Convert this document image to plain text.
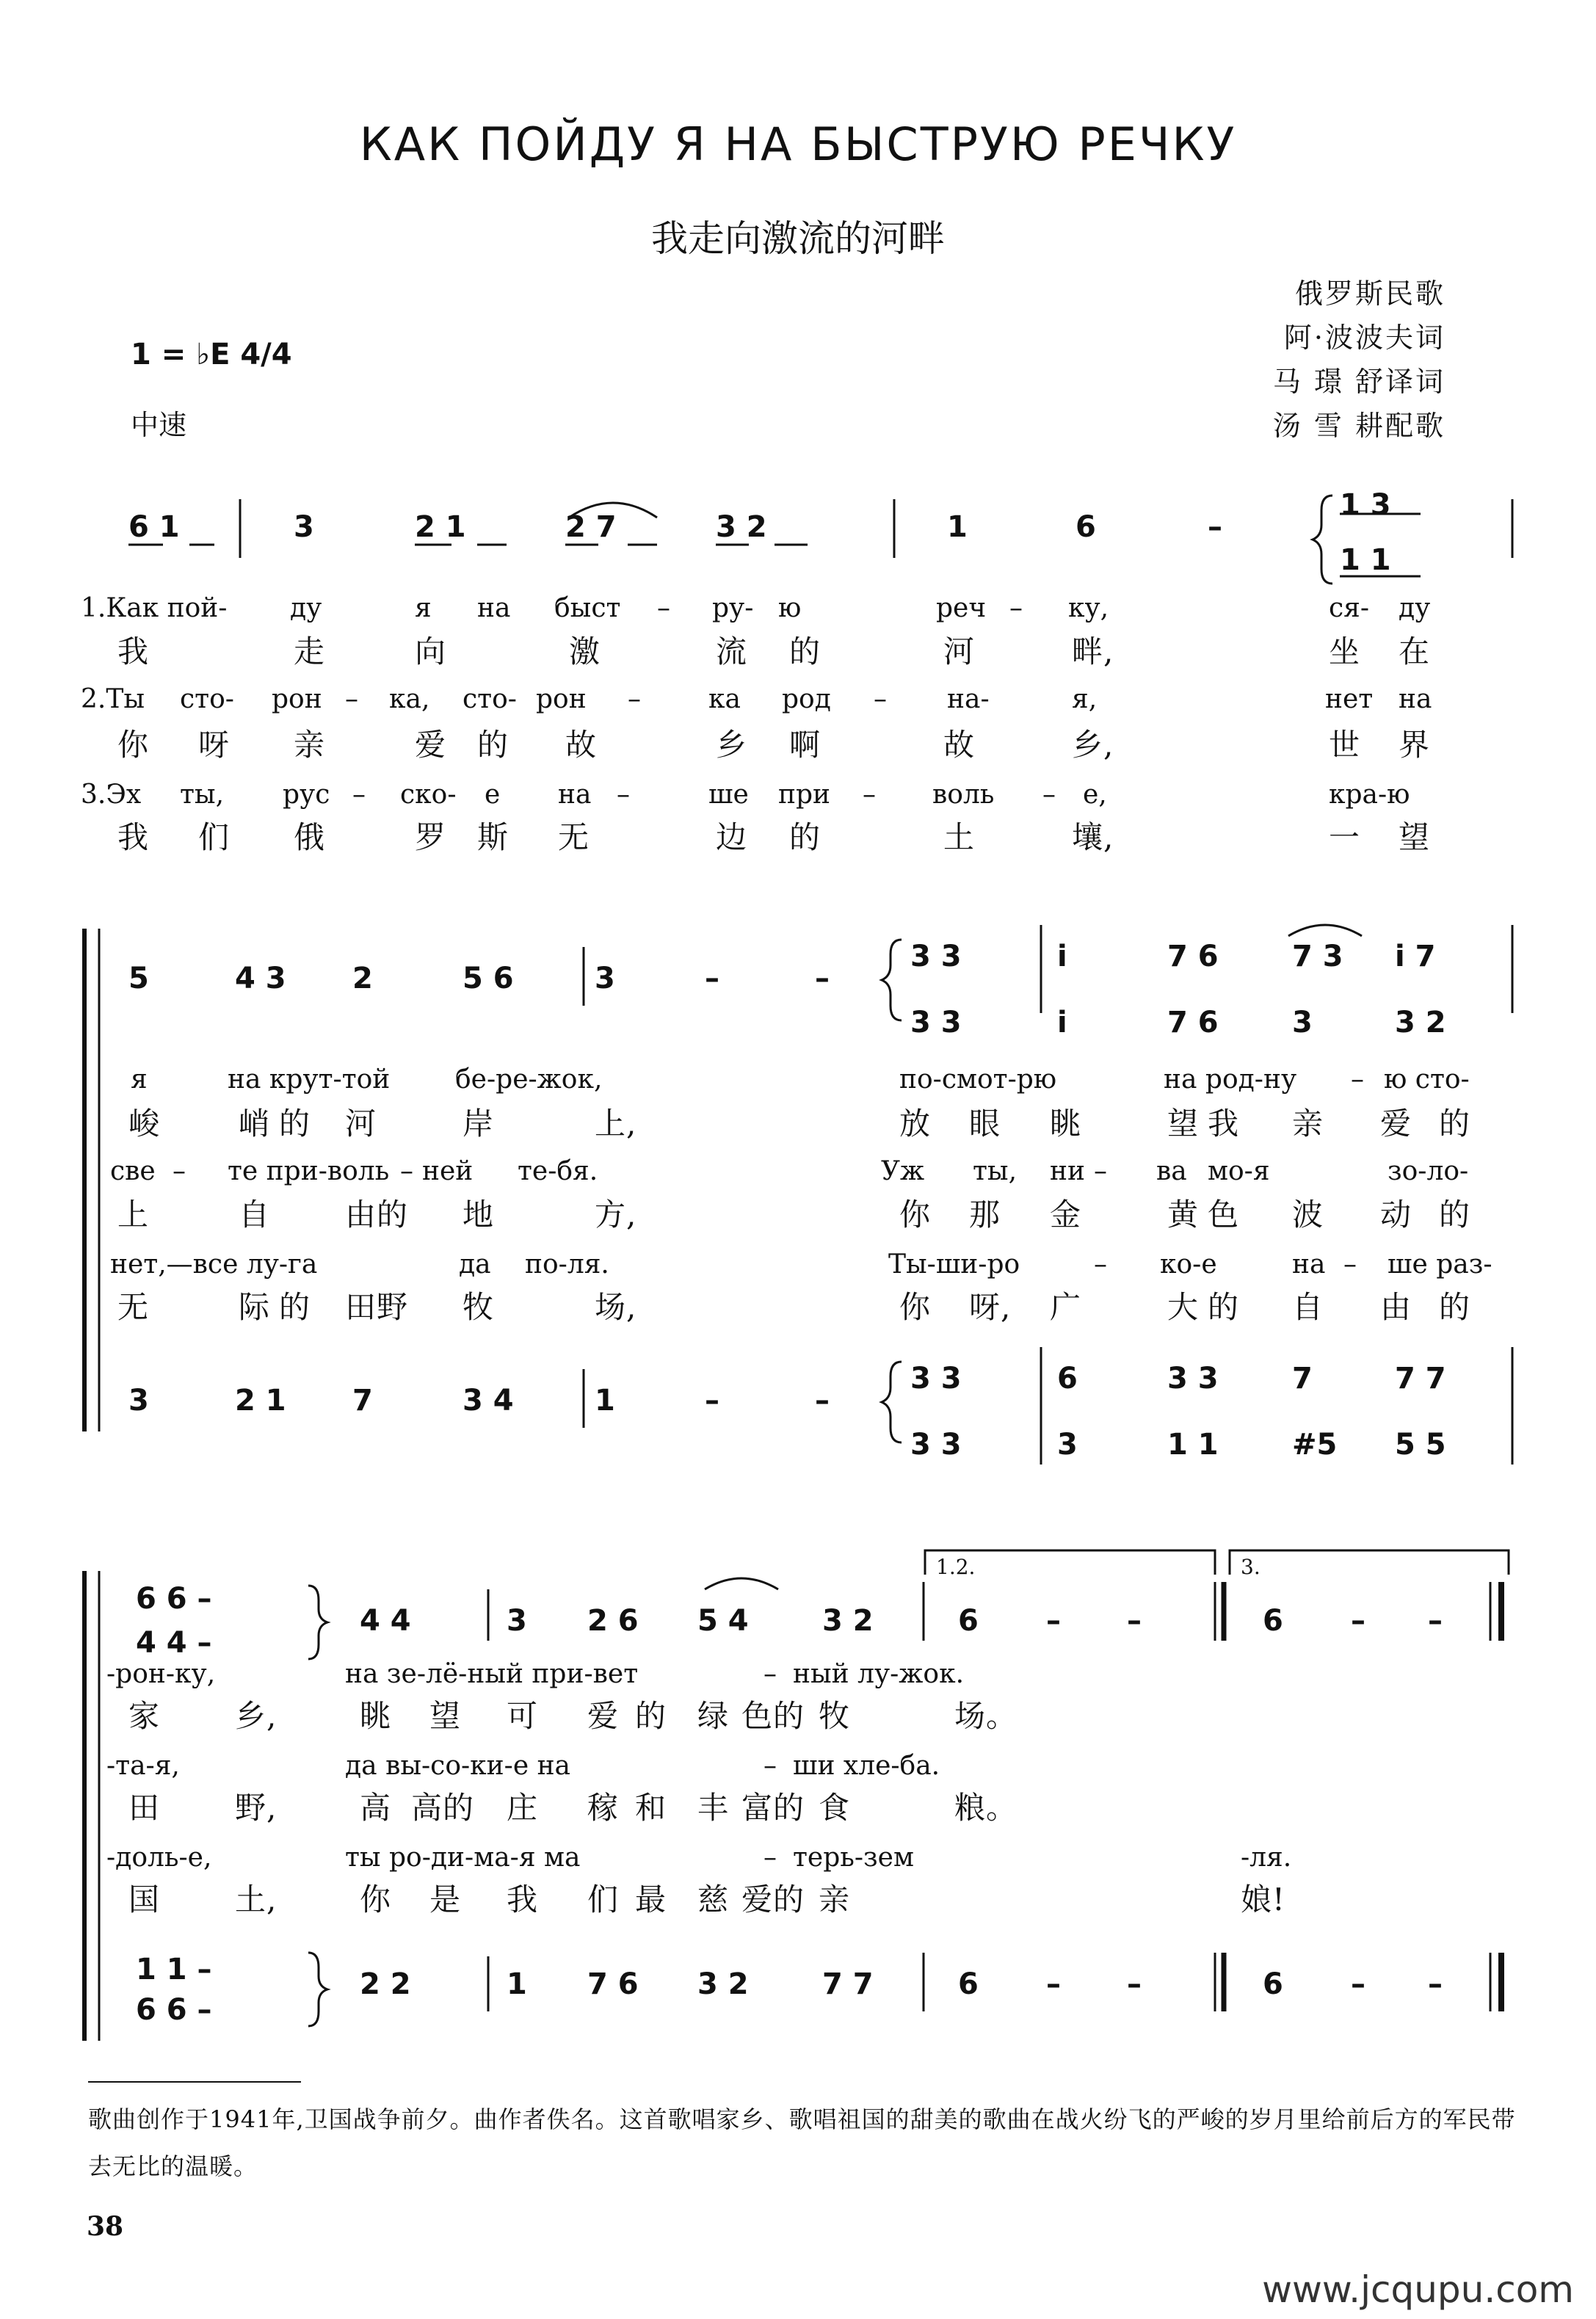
КАК ПОЙДУ Я НА БЫСТРУЮ РЕЧКУ
我走向激流的河畔
俄罗斯民歌
阿·波波夫词
马 璟 舒译词
汤 雪 耕配歌
1 = ♭E 4/4
中速
6 1	3	2 1	2 7	3 2	1	6	–
1 3
1 1
1.Как пой- ду	я на быст – ру- ю	реч – ку,	ся- ду
我	走	向	激	流 的	河	畔,	坐 在
2.Ты сто- рон – ка, сто- рон –	ка род – на-	я,	нет на
你 呀 亲	爱 的 故	乡 啊	故	乡,	世 界
3.Эх ты, рус – ско- е на –	ше при – воль – е,	кра-ю
我 们 俄	罗 斯 无	边 的	土	壤,	一 望
5	4 3 2	5 6	3	–	–
3 3
3 3
i	7 6	7 3 i 7
i	7 6	3	3 2
я	на крут-той бе-ре-жок,	по-смот-рю	на род-ну – ю сто-
峻	峭 的 河	岸	上,	放 眼 眺	望 我 亲 爱 的
све – те при-воль – ней те-бя.	Уж ты, ни – ва мо-я	зо-ло-
上	自 由的 地	方,	你 那 金	黄 色 波 动 的
нет,—все лу-га	да по-ля.	Ты-ши-ро	– ко-е	на – ше раз-
无	际 的 田野 牧	场,	你 呀, 广	大 的 自 由 的
3	2 1 7	3 4	1	–	–
3 3
3 3
6	3 3	7	7 7
3	1 1	#5 5 5
1.2.	3.
6 6 –
4 4 –
4 4	3 2 6 5 4	3 2	6 – –	6 – –
-рон-ку,	на зе-лё-ный при-вет	– ный лу-жок.
家 乡,	眺 望 可 爱 的 绿 色的 牧	场。
-та-я,	да вы-со-ки-е на	– ши хле-ба.
田 野,	高 高的 庄 稼 和 丰 富的 食	粮。
-доль-е,	ты ро-ди-ма-я ма	– терь-зем	-ля.
国 土,	你 是 我 们 最 慈 爱的 亲	娘!
1 1 –
6 6 –
2 2	1 7 6 3 2	7 7	6 – –	6 – –
歌曲创作于1941年,卫国战争前夕。曲作者佚名。这首歌唱家乡、歌唱祖国的甜美的歌曲在战火纷飞的严峻的岁月里给前后方的军民带去无比的温暖。
38
www.jcqupu.com
